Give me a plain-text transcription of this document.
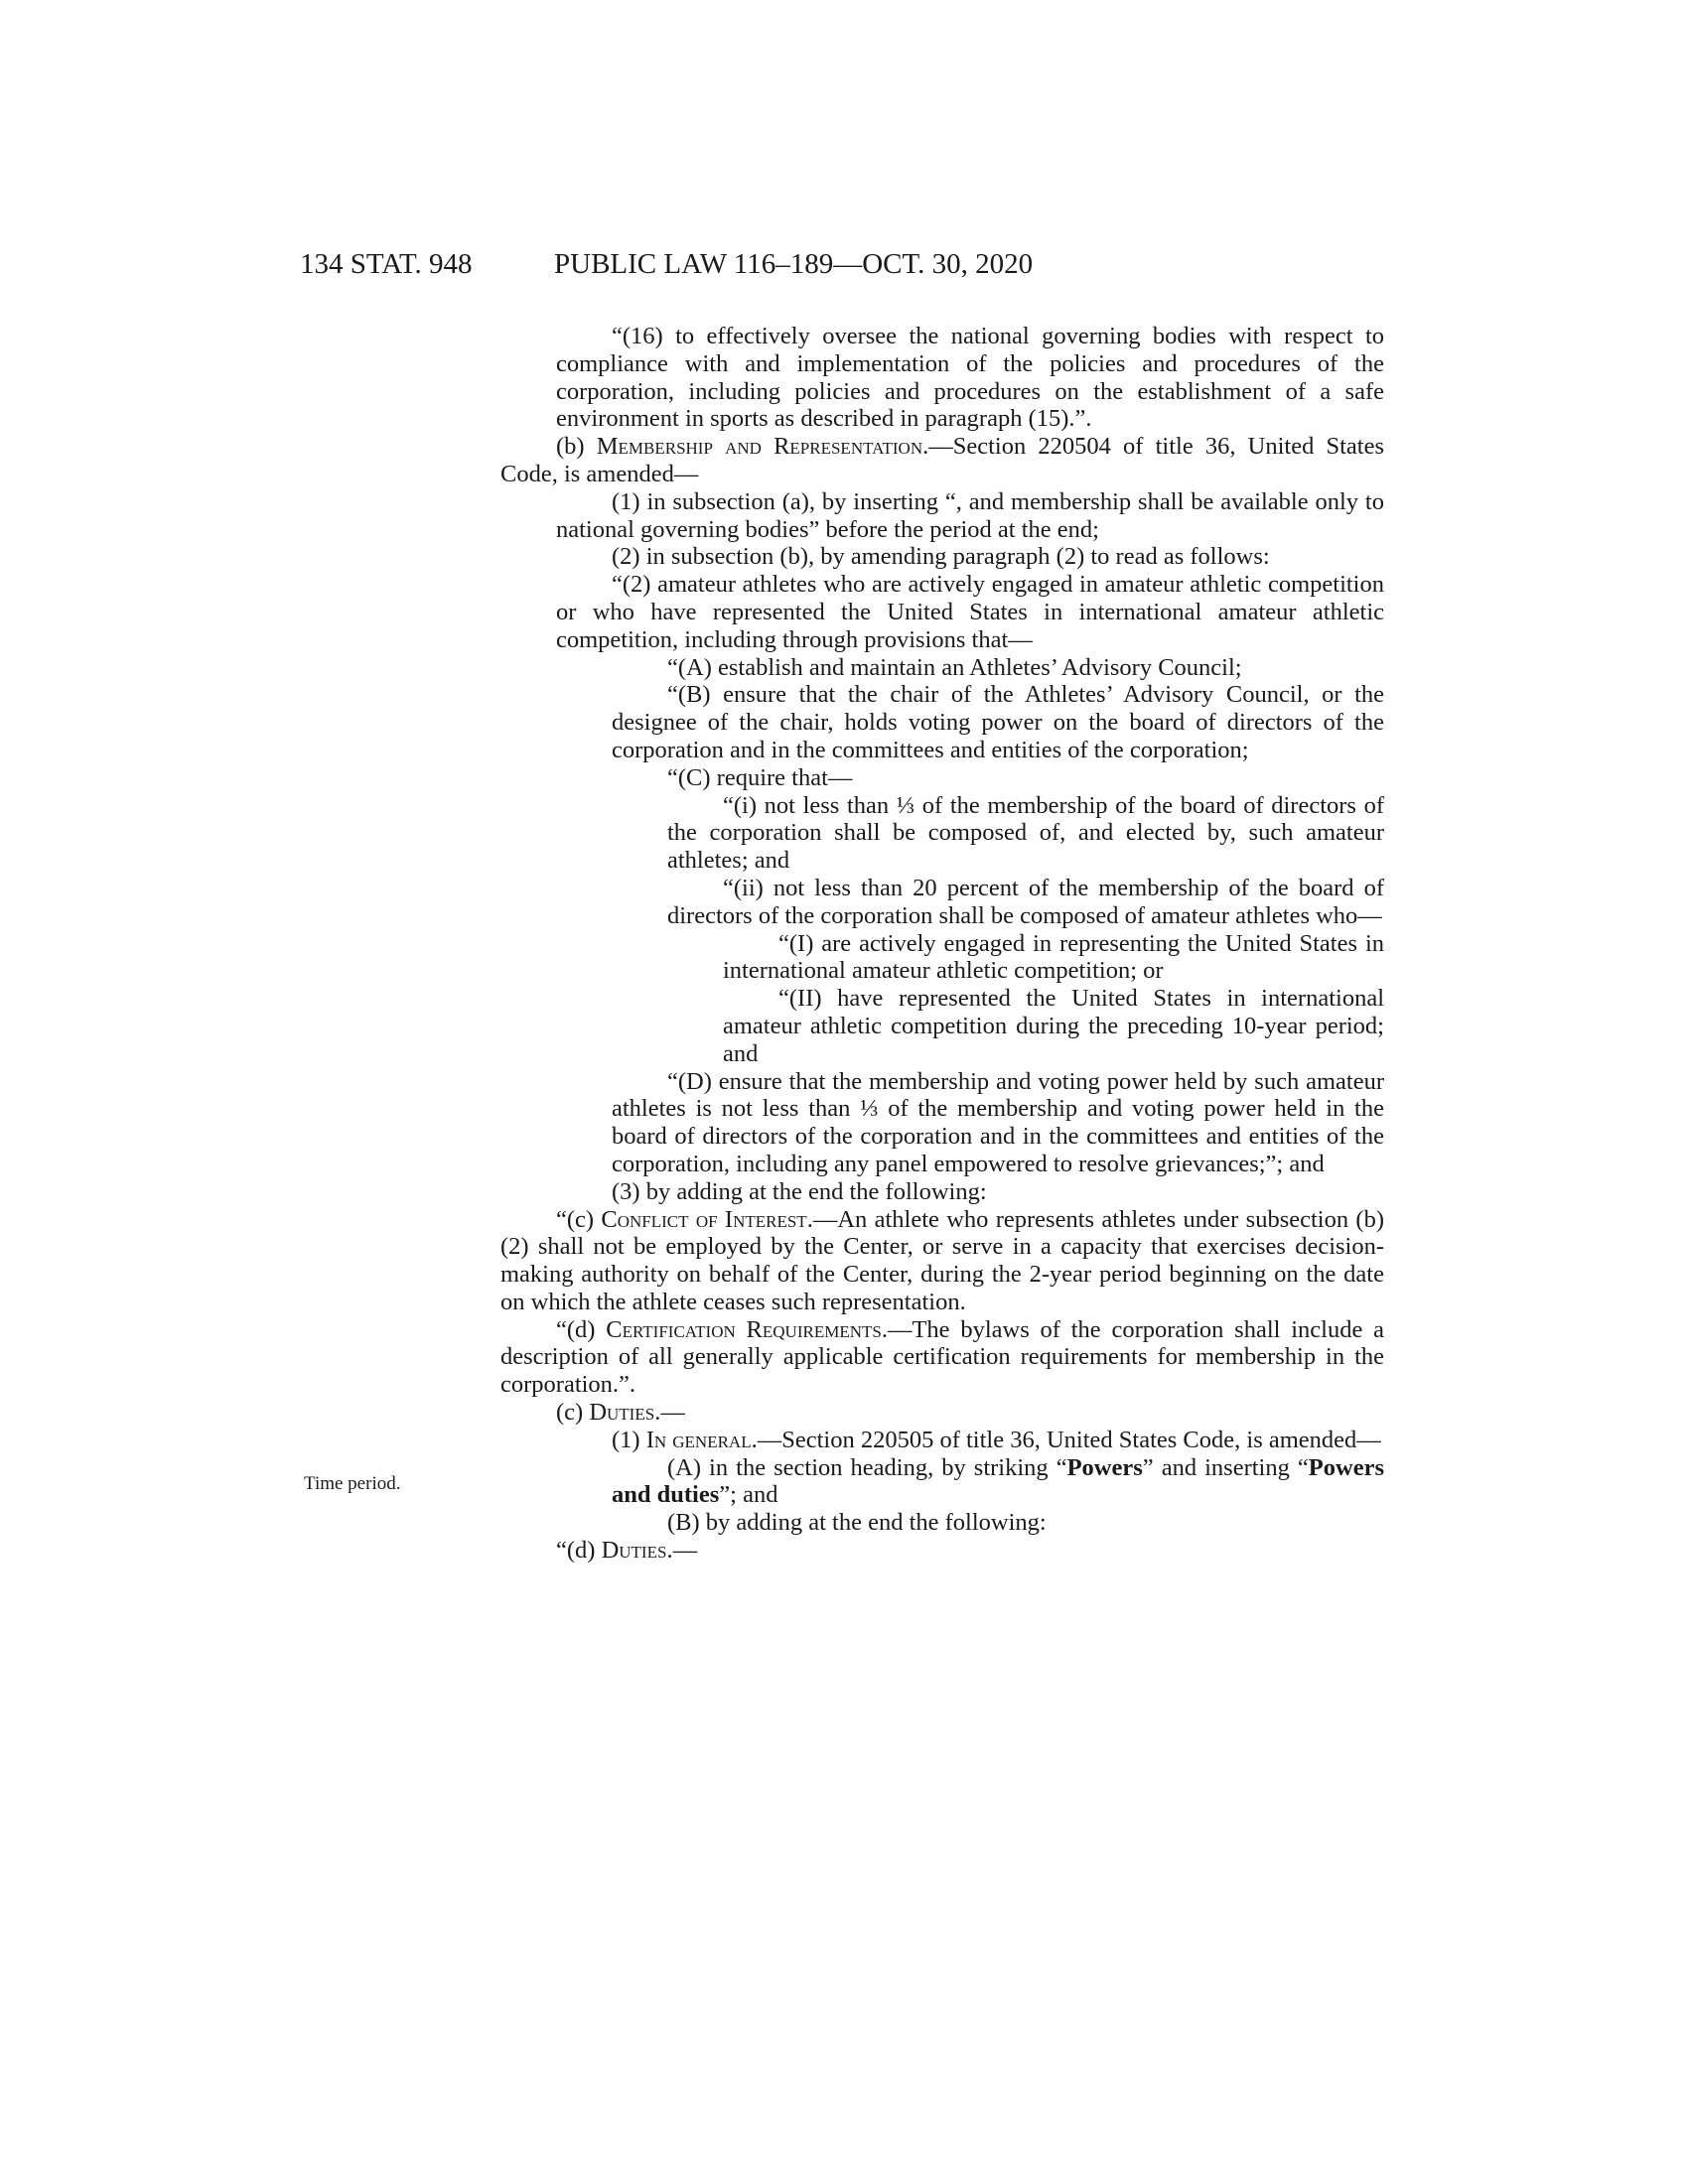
134 STAT. 948	PUBLIC LAW 116–189—OCT. 30, 2020
Time period.
“(16) to effectively oversee the national governing bodies with respect to compliance with and implementation of the policies and procedures of the corporation, including policies and procedures on the establishment of a safe environment in sports as described in paragraph (15).”.
(b) Membership and Representation.—Section 220504 of title 36, United States Code, is amended—
(1) in subsection (a), by inserting “, and membership shall be available only to national governing bodies” before the period at the end;
(2) in subsection (b), by amending paragraph (2) to read as follows:
“(2) amateur athletes who are actively engaged in amateur athletic competition or who have represented the United States in international amateur athletic competition, including through provisions that—
“(A) establish and maintain an Athletes’ Advisory Council;
“(B) ensure that the chair of the Athletes’ Advisory Council, or the designee of the chair, holds voting power on the board of directors of the corporation and in the committees and entities of the corporation;
“(C) require that—
“(i) not less than ⅓ of the membership of the board of directors of the corporation shall be composed of, and elected by, such amateur athletes; and
“(ii) not less than 20 percent of the membership of the board of directors of the corporation shall be composed of amateur athletes who—
“(I) are actively engaged in representing the United States in international amateur athletic competition; or
“(II) have represented the United States in international amateur athletic competition during the preceding 10-year period; and
“(D) ensure that the membership and voting power held by such amateur athletes is not less than ⅓ of the membership and voting power held in the board of directors of the corporation and in the committees and entities of the corporation, including any panel empowered to resolve grievances;”; and
(3) by adding at the end the following:
“(c) Conflict of Interest.—An athlete who represents athletes under subsection (b)(2) shall not be employed by the Center, or serve in a capacity that exercises decision-making authority on behalf of the Center, during the 2-year period beginning on the date on which the athlete ceases such representation.
“(d) Certification Requirements.—The bylaws of the corporation shall include a description of all generally applicable certification requirements for membership in the corporation.”.
(c) Duties.—
(1) In general.—Section 220505 of title 36, United States Code, is amended—
(A) in the section heading, by striking “Powers” and inserting “Powers and duties”; and
(B) by adding at the end the following:
“(d) Duties.—
